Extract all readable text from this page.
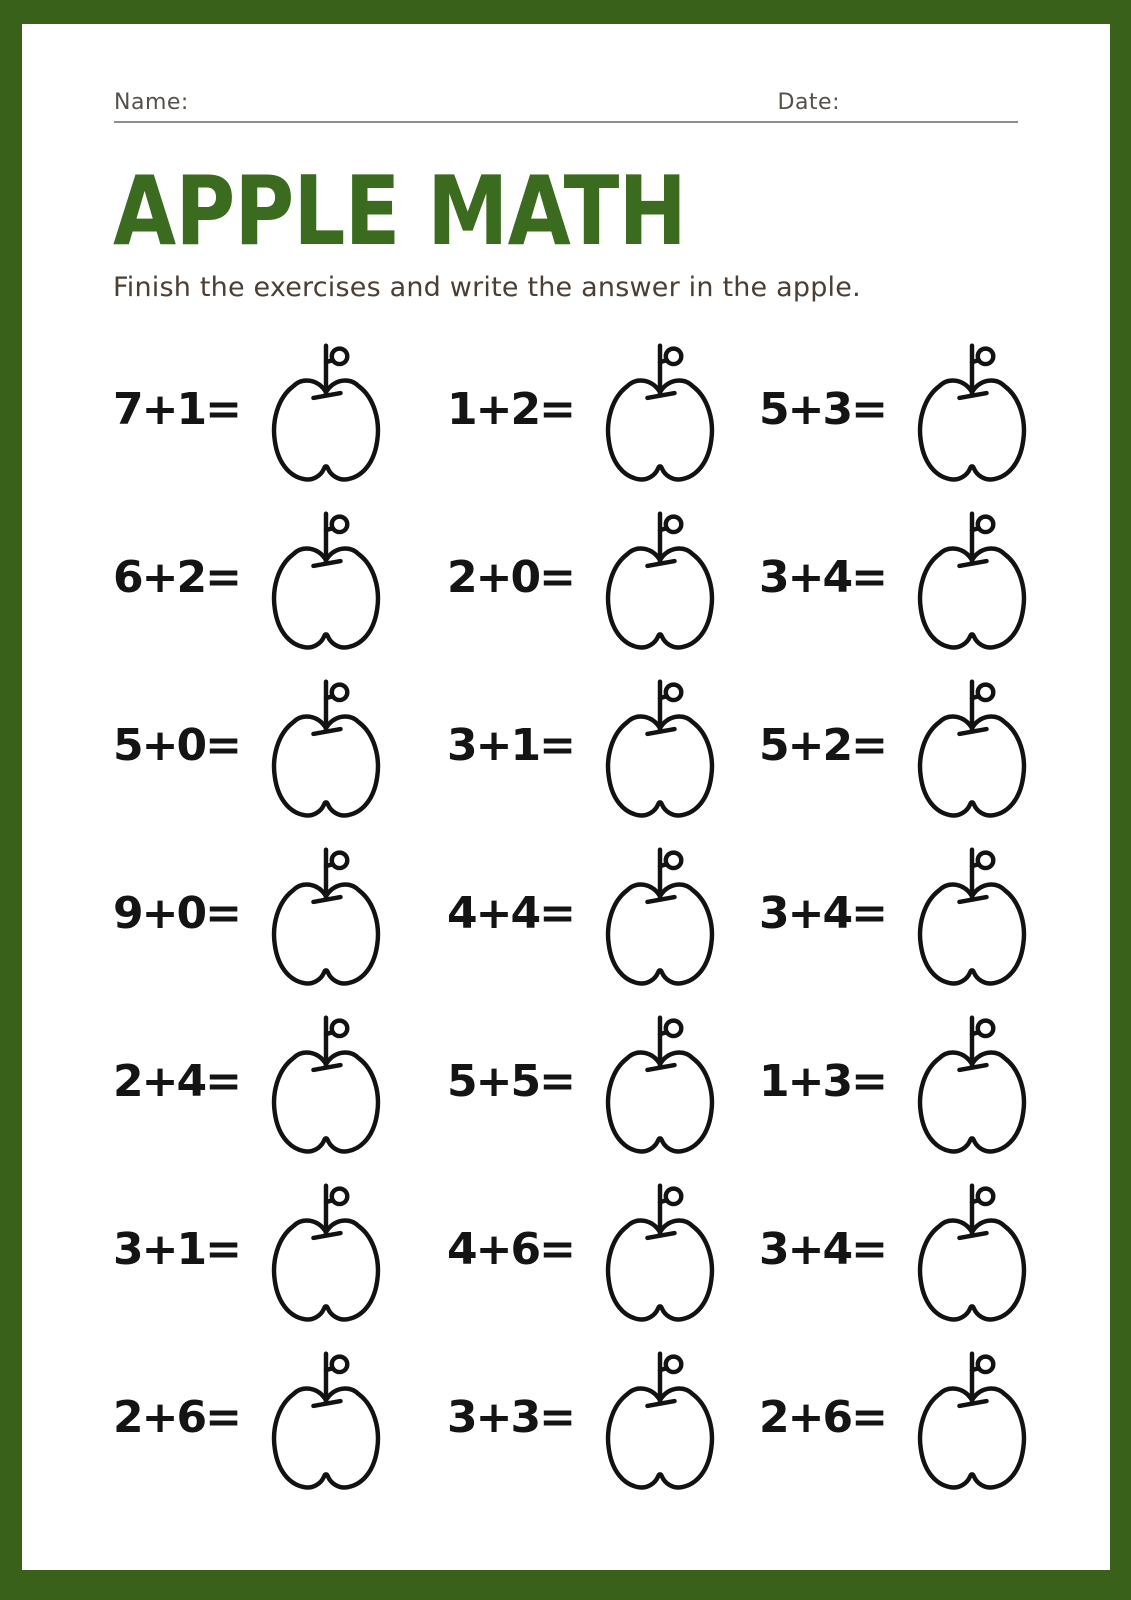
Name:	Date:
APPLE MATH

Finish the exercises and write the answer in the apple.

7+1=	1+2=	5+3=
6+2=	2+0=	3+4=
5+0=	3+1=	5+2=
9+0=	4+4=	3+4=
2+4=	5+5=	1+3=
3+1=	4+6=	3+4=
2+6=	3+3=	2+6=
